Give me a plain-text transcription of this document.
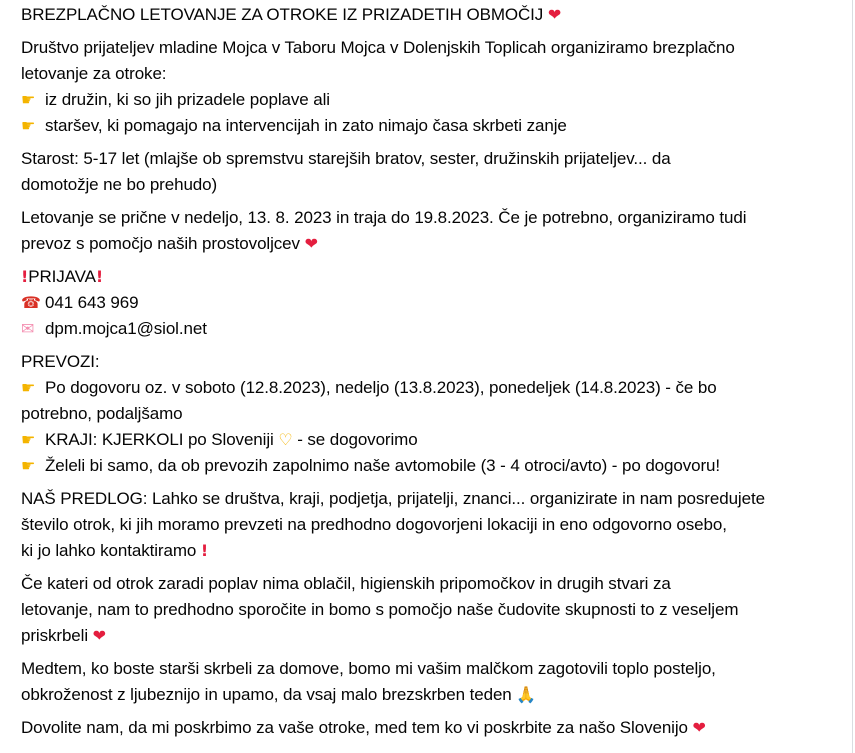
BREZPLAČNO LETOVANJE ZA OTROKE IZ PRIZADETIH OBMOČIJ ❤
Društvo prijateljev mladine Mojca v Taboru Mojca v Dolenjskih Toplicah organiziramo brezplačno
letovanje za otroke:
☛ iz družin, ki so jih prizadele poplave ali
☛ staršev, ki pomagajo na intervencijah in zato nimajo časa skrbeti zanje
Starost: 5-17 let (mlajše ob spremstvu starejših bratov, sester, družinskih prijateljev... da
domotožje ne bo prehudo)
Letovanje se prične v nedeljo, 13. 8. 2023 in traja do 19.8.2023. Če je potrebno, organiziramo tudi
prevoz s pomočjo naših prostovoljcev ❤
!PRIJAVA!
☎ 041 643 969
✉ dpm.mojca1@siol.net
PREVOZI:
☛ Po dogovoru oz. v soboto (12.8.2023), nedeljo (13.8.2023), ponedeljek (14.8.2023) - če bo
potrebno, podaljšamo
☛ KRAJI: KJERKOLI po Sloveniji ♡ - se dogovorimo
☛ Želeli bi samo, da ob prevozih zapolnimo naše avtomobile (3 - 4 otroci/avto) - po dogovoru!
NAŠ PREDLOG: Lahko se društva, kraji, podjetja, prijatelji, znanci... organizirate in nam posredujete
število otrok, ki jih moramo prevzeti na predhodno dogovorjeni lokaciji in eno odgovorno osebo,
ki jo lahko kontaktiramo !
Če kateri od otrok zaradi poplav nima oblačil, higienskih pripomočkov in drugih stvari za
letovanje, nam to predhodno sporočite in bomo s pomočjo naše čudovite skupnosti to z veseljem
priskrbeli ❤
Medtem, ko boste starši skrbeli za domove, bomo mi vašim malčkom zagotovili toplo posteljo,
obkroženost z ljubeznijo in upamo, da vsaj malo brezskrben teden 🙏
Dovolite nam, da mi poskrbimo za vaše otroke, med tem ko vi poskrbite za našo Slovenijo ❤
